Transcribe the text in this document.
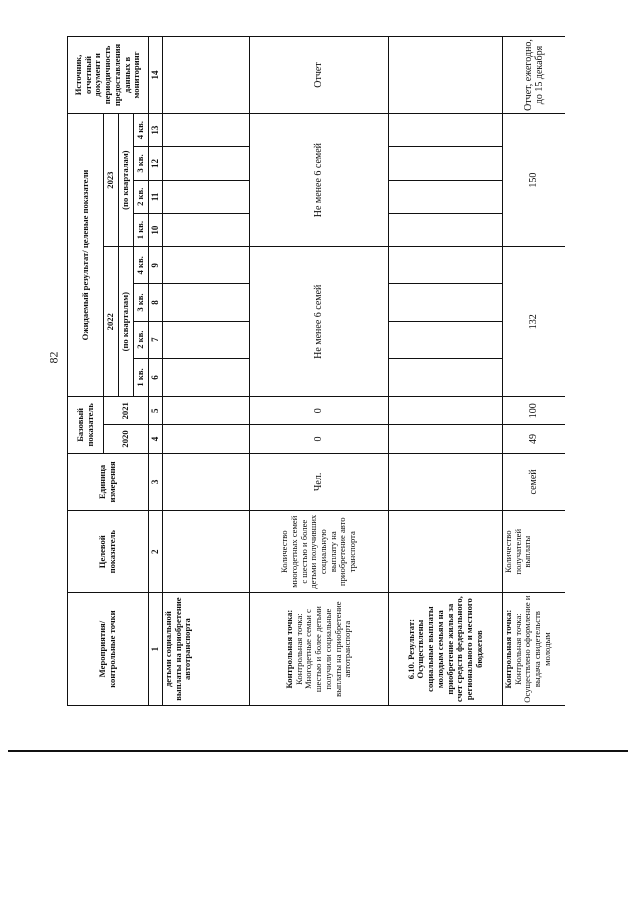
82
Мероприятия/ контрольные точки	Целевой показатель	Единица измерения	Базовый показатель		Ожидаемый результат/ целевые показатели								Источник, отчетный документ и периодичность предоставления данных в мониторинг
			2020	2021	2022				2023				
					(по кварталам)				(по кварталам)				
					1 кв.	2 кв.	3 кв.	4 кв.	1 кв.	2 кв.	3 кв.	4 кв.	
1	2	3	4	5	6	7	8	9	10	11	12	13	14
детьми социальной выплаты на приобретение автотранспорта													
Контрольная точка: Контрольная точка: Многодетные семьи с шестью и более детьми получили социальные выплаты на приобретение автотранспорта	Количество многодетных семей с шестью и более детьми получивших социальную выплату на приобретение авто транспорта	Чел.	0	0	Не менее 6 семей				Не менее 6 семей				Отчет
6.10. Результат: Осуществлены социальные выплаты молодым семьям на приобретение жилья за счет средств федерального, регионального и местного бюджетов													
Контрольная точка: Контрольная точка: Осуществлено оформление и выдача свидетельств молодым	Количество получателей выплаты	семей	49	100	132				150				Отчет, ежегодно, до 15 декабря
